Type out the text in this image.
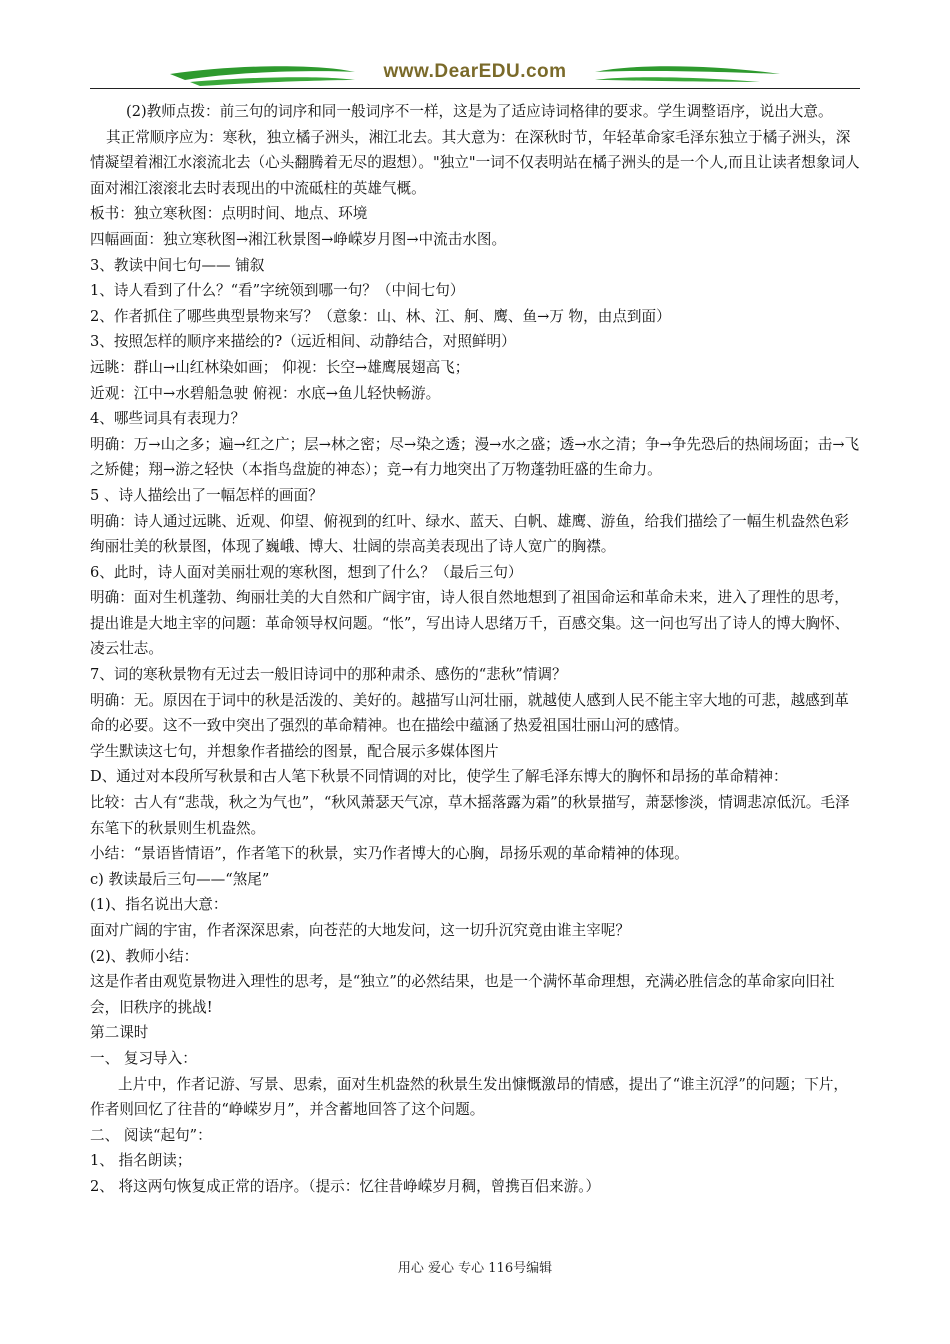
www.DearEDU.com

(2)教师点拨：前三句的词序和同一般词序不一样，这是为了适应诗词格律的要求。学生调整语序，说出大意。

其正常顺序应为：寒秋，独立橘子洲头，湘江北去。其大意为：在深秋时节，年轻革命家毛泽东独立于橘子洲头，深情凝望着湘江水滚流北去（心头翻腾着无尽的遐想）。"独立"一词不仅表明站在橘子洲头的是一个人,而且让读者想象词人面对湘江滚滚北去时表现出的中流砥柱的英雄气概。

板书：独立寒秋图：点明时间、地点、环境

四幅画面：独立寒秋图→湘江秋景图→峥嵘岁月图→中流击水图。

3、教读中间七句—— 铺叙

1、诗人看到了什么？“看”字统领到哪一句？（中间七句）

2、作者抓住了哪些典型景物来写？（意象：山、林、江、舸、鹰、鱼→万 物，由点到面）

3、按照怎样的顺序来描绘的?（远近相间、动静结合，对照鲜明）

远眺：群山→山红林染如画； 仰视：长空→雄鹰展翅高飞；

近观：江中→水碧船急驶 俯视：水底→鱼儿轻快畅游。

4、哪些词具有表现力？

明确：万→山之多；遍→红之广；层→林之密；尽→染之透；漫→水之盛；透→水之清；争→争先恐后的热闹场面；击→飞之矫健；翔→游之轻快（本指鸟盘旋的神态）；竞→有力地突出了万物蓬勃旺盛的生命力。

5 、诗人描绘出了一幅怎样的画面？

明确：诗人通过远眺、近观、仰望、俯视到的红叶、绿水、蓝天、白帆、雄鹰、游鱼，给我们描绘了一幅生机盎然色彩绚丽壮美的秋景图，体现了巍峨、博大、壮阔的崇高美表现出了诗人宽广的胸襟。

6、此时，诗人面对美丽壮观的寒秋图，想到了什么？（最后三句）

明确：面对生机蓬勃、绚丽壮美的大自然和广阔宇宙，诗人很自然地想到了祖国命运和革命未来，进入了理性的思考，提出谁是大地主宰的问题：革命领导权问题。“怅”，写出诗人思绪万千，百感交集。这一问也写出了诗人的博大胸怀、凌云壮志。

7、词的寒秋景物有无过去一般旧诗词中的那种肃杀、感伤的“悲秋”情调？

明确：无。原因在于词中的秋是活泼的、美好的。越描写山河壮丽，就越使人感到人民不能主宰大地的可悲，越感到革命的必要。这不一致中突出了强烈的革命精神。也在描绘中蕴涵了热爱祖国壮丽山河的感情。

学生默读这七句，并想象作者描绘的图景，配合展示多媒体图片

D、通过对本段所写秋景和古人笔下秋景不同情调的对比，使学生了解毛泽东博大的胸怀和昂扬的革命精神：

比较：古人有“悲哉，秋之为气也”，“秋风萧瑟天气凉，草木摇落露为霜”的秋景描写，萧瑟惨淡，情调悲凉低沉。毛泽东笔下的秋景则生机盎然。

小结：“景语皆情语”，作者笔下的秋景，实乃作者博大的心胸，昂扬乐观的革命精神的体现。

c) 教读最后三句——“煞尾”

(1)、指名说出大意：

面对广阔的宇宙，作者深深思索，向苍茫的大地发问，这一切升沉究竟由谁主宰呢？

(2)、教师小结：

这是作者由观览景物进入理性的思考，是“独立”的必然结果，也是一个满怀革命理想，充满必胜信念的革命家向旧社会，旧秩序的挑战!

第二课时

一、 复习导入：

上片中，作者记游、写景、思索，面对生机盎然的秋景生发出慷慨激昂的情感，提出了“谁主沉浮”的问题；下片，作者则回忆了往昔的“峥嵘岁月”，并含蓄地回答了这个问题。

二、 阅读“起句”：

1、 指名朗读；

2、 将这两句恢复成正常的语序。（提示：忆往昔峥嵘岁月稠，曾携百侣来游。）

用心 爱心 专心 116号编辑
